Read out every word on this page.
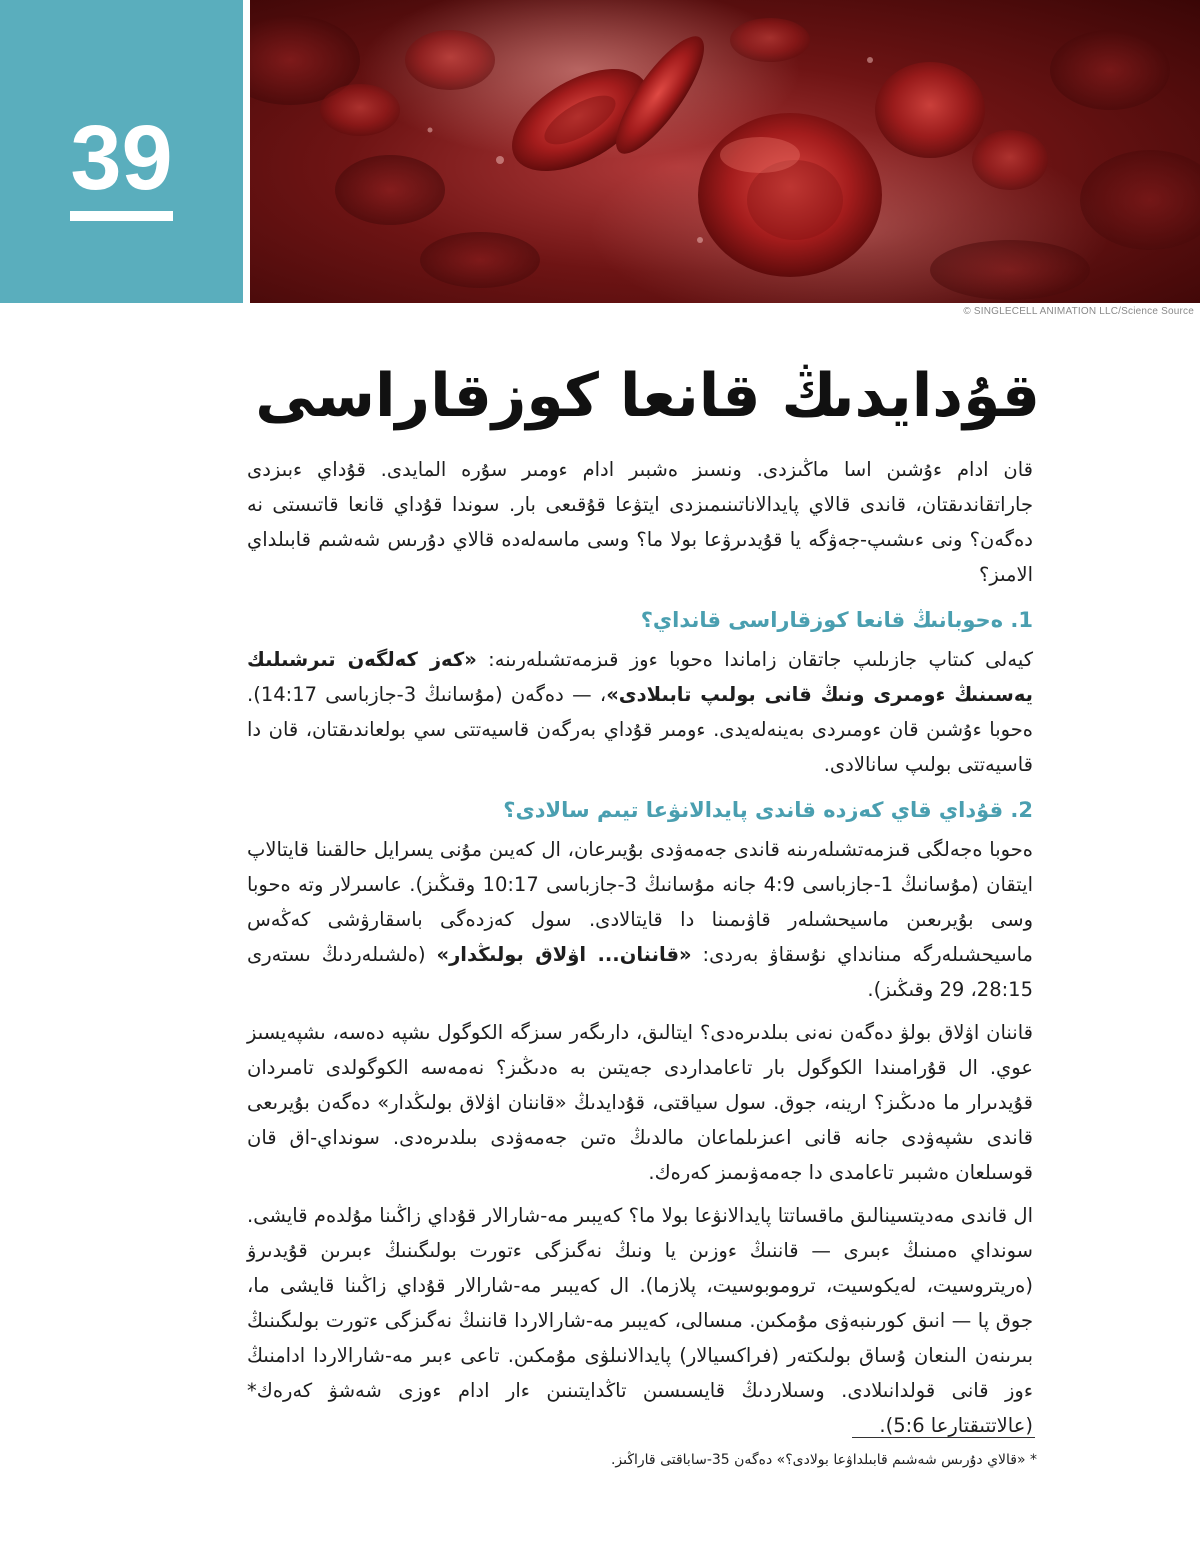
39
© SINGLECELL ANIMATION LLC/Science Source
قۇدايدىڭ قانعا كوزقاراسى

قان ادام ءۇشىن اسا ماڭىزدى. ونسىز ەشبىر ادام ءومىر سۇرە المايدى. قۇداي ءبىزدى جاراتقاندىقتان، قاندى قالاي پايدالاناتىنىمىزدى ايتۋعا قۇقىعى بار. سوندا قۇداي قانعا قاتىستى نە دەگەن؟ ونى ءىشىپ-جەۋگە يا قۇيدىرۋعا بولا ما؟ وسى ماسەلەدە قالاي دۇرىس شەشىم قابىلداي الامىز؟

1. ەحوبانىڭ قانعا كوزقاراسى قانداي؟

كيەلى كىتاپ جازىلىپ جاتقان زاماندا ەحوبا ءوز قىزمەتشىلەرىنە: «كەز كەلگەن تىرشىلىك يەسىنىڭ ءومىرى ونىڭ قانى بولىپ تابىلادى»، — دەگەن (مۇسانىڭ 3-جازباسى 14:17). ەحوبا ءۇشىن قان ءومىردى بەينەلەيدى. ءومىر قۇداي بەرگەن قاسيەتتى سي بولعاندىقتان، قان دا قاسيەتتى بولىپ سانالادى.

2. قۇداي قاي كەزدە قاندى پايدالانۋعا تيىم سالادى؟

ەحوبا ەجەلگى قىزمەتشىلەرىنە قاندى جەمەۋدى بۇيىرعان، ال كەيىن مۇنى يسرايل حالقىنا قايتالاپ ايتقان (مۇسانىڭ 1-جازباسى 4:9 جانە مۇسانىڭ 3-جازباسى 10:17 وقىڭىز). عاسىرلار وتە ەحوبا وسى بۇيرىعىن ماسيحشىلەر قاۋىمىنا دا قايتالادى. سول كەزدەگى باسقارۋشى كەڭەس ماسيحشىلەرگە مىنانداي نۇسقاۋ بەردى: «قاننان... اۋلاق بولىڭدار» (ەلشىلەردىڭ ىستەرى 28:15، 29 وقىڭىز).

قاننان اۋلاق بولۋ دەگەن نەنى بىلدىرەدى؟ ايتالىق، دارىگەر سىزگە الكوگول ىشپە دەسە، ىشپەيسىز عوي. ال قۇرامىندا الكوگول بار تاعامداردى جەيتىن بە ەدىڭىز؟ نەمەسە الكوگولدى تامىردان قۇيدىرار ما ەدىڭىز؟ ارينە، جوق. سول سياقتى، قۇدايدىڭ «قاننان اۋلاق بولىڭدار» دەگەن بۇيرىعى قاندى ىشپەۋدى جانە قانى اعىزىلماعان مالدىڭ ەتىن جەمەۋدى بىلدىرەدى. سونداي-اق قان قوسىلعان ەشبىر تاعامدى دا جەمەۋىمىز كەرەك.

ال قاندى مەديتسينالىق ماقساتتا پايدالانۋعا بولا ما؟ كەيبىر مە-شارالار قۇداي زاڭىنا مۇلدەم قايشى. سونداي ەمىنىڭ ءبىرى — قاننىڭ ءوزىن يا ونىڭ نەگىزگى ءتورت بولىگىنىڭ ءبىرىن قۇيدىرۋ (ەريتروسيت، لەيكوسيت، تروموبوسيت، پلازما). ال كەيبىر مە-شارالار قۇداي زاڭىنا قايشى ما، جوق پا — انىق كورىنبەۋى مۇمكىن. مىسالى، كەيبىر مە-شارالاردا قاننىڭ نەگىزگى ءتورت بولىگىنىڭ بىرىنەن الىنعان ۇساق بولىكتەر (فراكسيالار) پايدالانىلۋى مۇمكىن. تاعى ءبىر مە-شارالاردا ادامنىڭ ءوز قانى قولدانىلادى. وسىلاردىڭ قايسىسىن تاڭدايتىنىن ءار ادام ءوزى شەشۋ كەرەك* (عالاتتىقتارعا 5:6).

* «قالاي دۇرىس شەشىم قابىلداۋعا بولادى؟» دەگەن 35-ساباقتى قاراڭىز.
